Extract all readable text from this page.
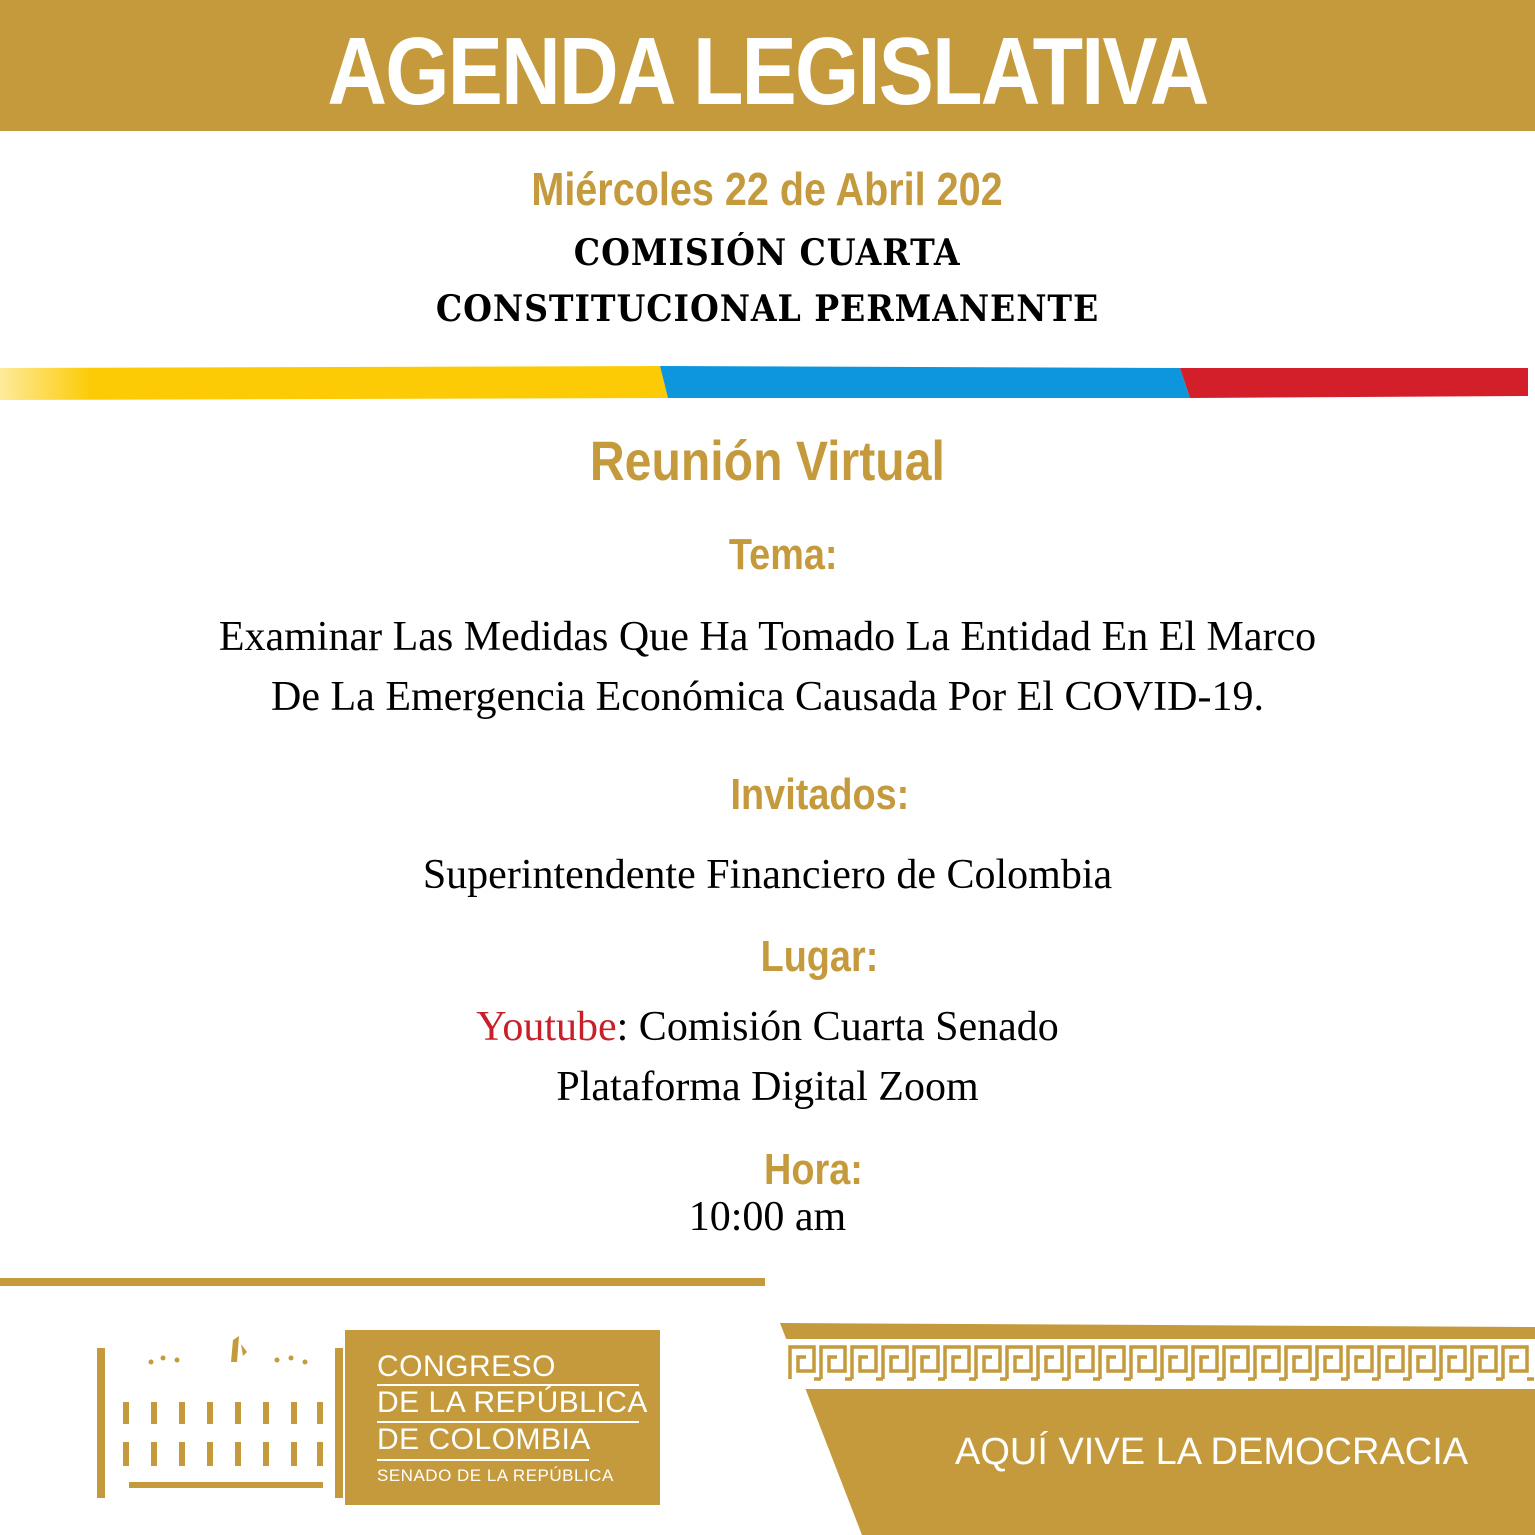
AGENDA LEGISLATIVA
Miércoles 22 de Abril 202
COMISIÓN CUARTA
CONSTITUCIONAL PERMANENTE
Reunión Virtual
Tema:
Examinar Las Medidas Que Ha Tomado La Entidad En El Marco
De La Emergencia Económica Causada Por El COVID-19.
Invitados:
Superintendente Financiero de Colombia
Lugar:
Youtube: Comisión Cuarta Senado
Plataforma Digital Zoom
Hora:
10:00 am
CONGRESO
DE LA REPÚBLICA
DE COLOMBIA
SENADO DE LA REPÚBLICA
AQUÍ VIVE LA DEMOCRACIA
